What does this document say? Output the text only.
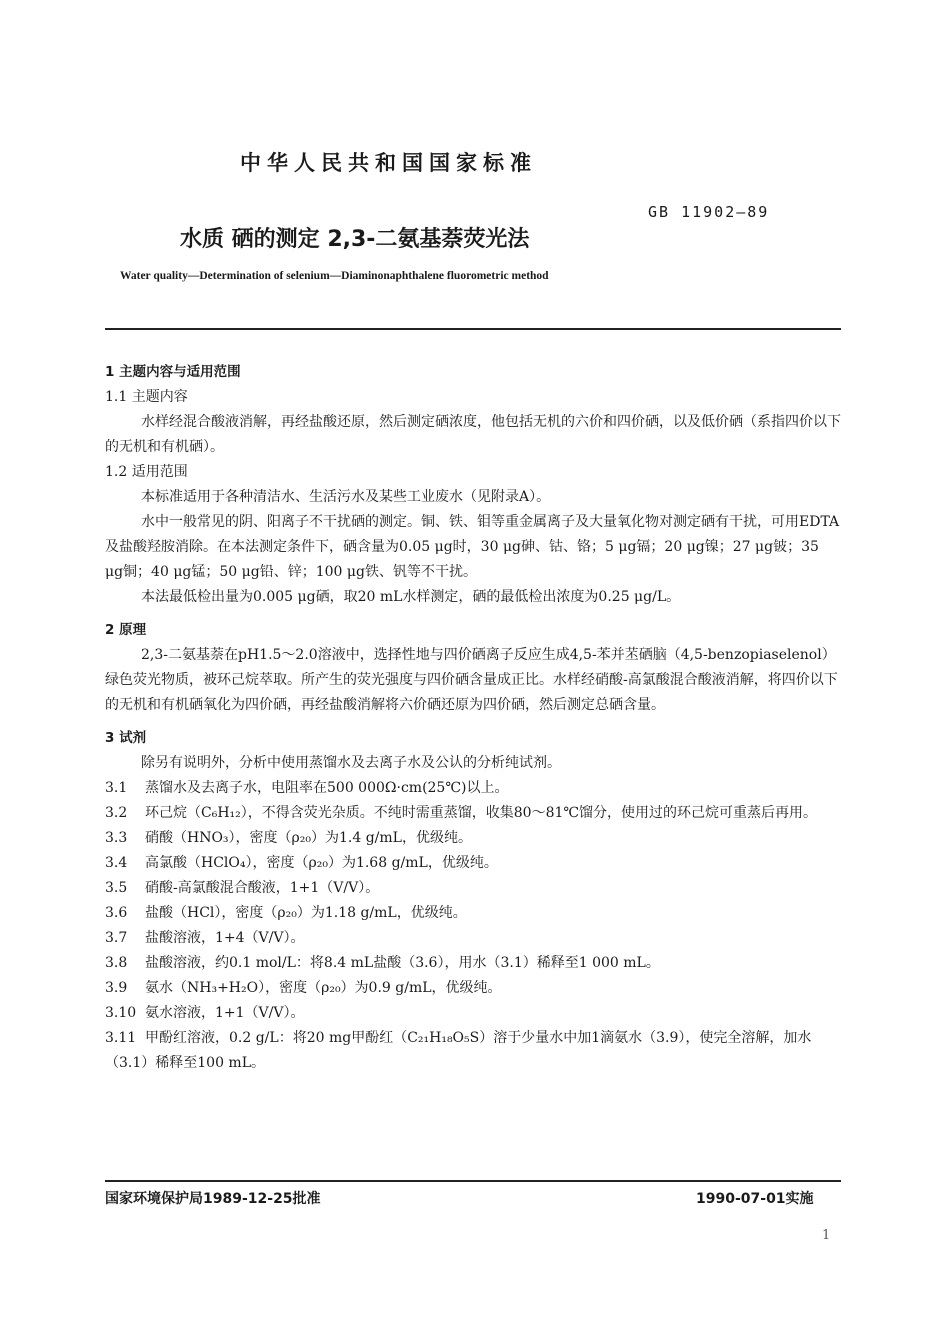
中华人民共和国国家标准
GB 11902—89
水质 硒的测定 2,3-二氨基萘荧光法
Water quality—Determination of selenium—Diaminonaphthalene fluorometric method

1 主题内容与适用范围

1.1 主题内容

水样经混合酸液消解，再经盐酸还原，然后测定硒浓度，他包括无机的六价和四价硒，以及低价硒（系指四价以下的无机和有机硒）。

1.2 适用范围

本标准适用于各种清洁水、生活污水及某些工业废水（见附录A）。

水中一般常见的阴、阳离子不干扰硒的测定。铜、铁、钼等重金属离子及大量氧化物对测定硒有干扰，可用EDTA及盐酸羟胺消除。在本法测定条件下，硒含量为0.05 μg时，30 μg砷、钴、铬；5 μg镉；20 μg镍；27 μg铍；35 μg铜；40 μg锰；50 μg铅、锌；100 μg铁、钒等不干扰。

本法最低检出量为0.005 μg硒，取20 mL水样测定，硒的最低检出浓度为0.25 μg/L。

2 原理

2,3-二氨基萘在pH1.5～2.0溶液中，选择性地与四价硒离子反应生成4,5-苯并苤硒脑（4,5-benzopiaselenol）绿色荧光物质，被环己烷萃取。所产生的荧光强度与四价硒含量成正比。水样经硝酸-高氯酸混合酸液消解，将四价以下的无机和有机硒氧化为四价硒，再经盐酸消解将六价硒还原为四价硒，然后测定总硒含量。

3 试剂

除另有说明外，分析中使用蒸馏水及去离子水及公认的分析纯试剂。

3.1 蒸馏水及去离子水，电阻率在500 000Ω·cm(25℃)以上。

3.2 环己烷（C₆H₁₂），不得含荧光杂质。不纯时需重蒸馏，收集80～81℃馏分，使用过的环己烷可重蒸后再用。

3.3 硝酸（HNO₃），密度（ρ₂₀）为1.4 g/mL，优级纯。

3.4 高氯酸（HClO₄），密度（ρ₂₀）为1.68 g/mL，优级纯。

3.5 硝酸-高氯酸混合酸液，1+1（V/V）。

3.6 盐酸（HCl），密度（ρ₂₀）为1.18 g/mL，优级纯。

3.7 盐酸溶液，1+4（V/V）。

3.8 盐酸溶液，约0.1 mol/L：将8.4 mL盐酸（3.6），用水（3.1）稀释至1 000 mL。

3.9 氨水（NH₃+H₂O），密度（ρ₂₀）为0.9 g/mL，优级纯。

3.10 氨水溶液，1+1（V/V）。

3.11 甲酚红溶液，0.2 g/L：将20 mg甲酚红（C₂₁H₁₈O₅S）溶于少量水中加1滴氨水（3.9），使完全溶解，加水（3.1）稀释至100 mL。

国家环境保护局1989-12-25批准	1990-07-01实施
1
